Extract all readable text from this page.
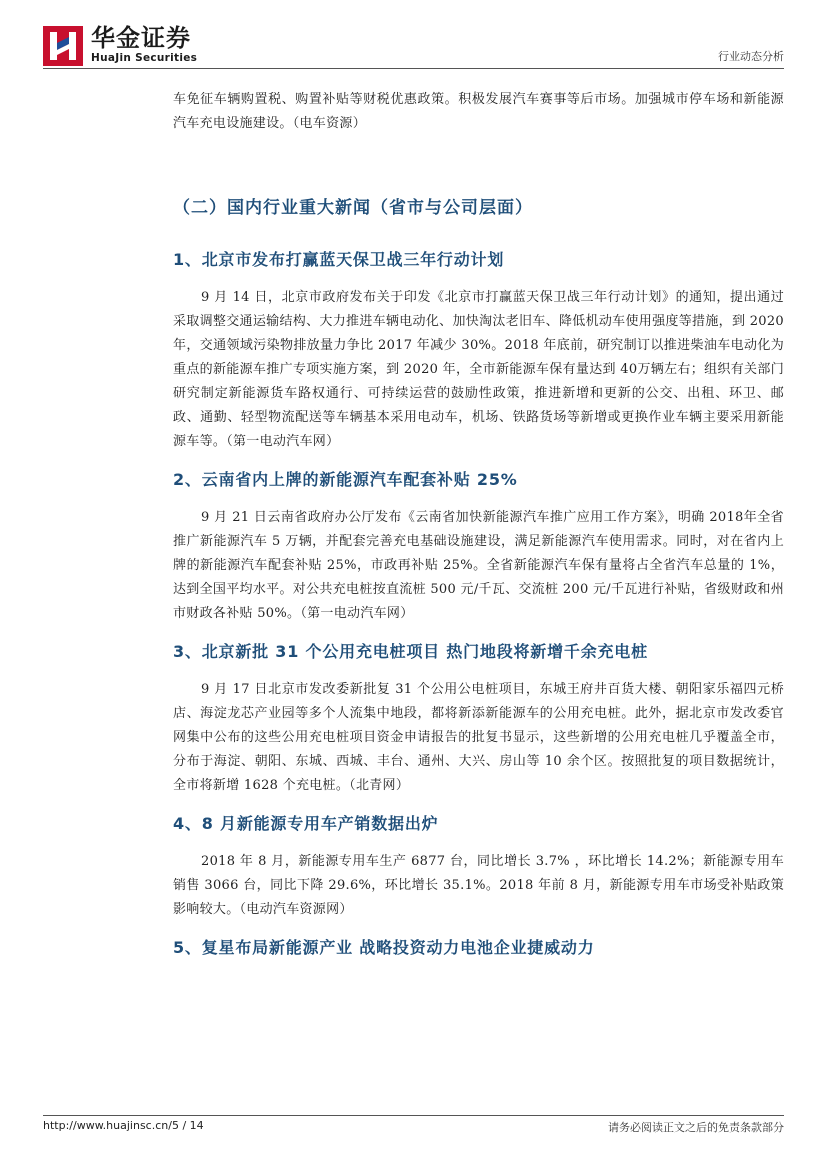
华金证券
HuaJin Securities	行业动态分析

车免征车辆购置税、购置补贴等财税优惠政策。积极发展汽车赛事等后市场。加强城市停车场和新能源汽车充电设施建设。（电车资源）

（二）国内行业重大新闻（省市与公司层面）
1、北京市发布打赢蓝天保卫战三年行动计划

9 月 14 日，北京市政府发布关于印发《北京市打赢蓝天保卫战三年行动计划》的通知，提出通过采取调整交通运输结构、大力推进车辆电动化、加快淘汰老旧车、降低机动车使用强度等措施，到 2020 年，交通领域污染物排放量力争比 2017 年减少 30%。2018 年底前，研究制订以推进柴油车电动化为重点的新能源车推广专项实施方案，到 2020 年，全市新能源车保有量达到 40万辆左右；组织有关部门研究制定新能源货车路权通行、可持续运营的鼓励性政策，推进新增和更新的公交、出租、环卫、邮政、通勤、轻型物流配送等车辆基本采用电动车，机场、铁路货场等新增或更换作业车辆主要采用新能源车等。（第一电动汽车网）

2、云南省内上牌的新能源汽车配套补贴 25%

9 月 21 日云南省政府办公厅发布《云南省加快新能源汽车推广应用工作方案》，明确 2018年全省推广新能源汽车 5 万辆，并配套完善充电基础设施建设，满足新能源汽车使用需求。同时，对在省内上牌的新能源汽车配套补贴 25%，市政再补贴 25%。全省新能源汽车保有量将占全省汽车总量的 1%，达到全国平均水平。对公共充电桩按直流桩 500 元/千瓦、交流桩 200 元/千瓦进行补贴，省级财政和州市财政各补贴 50%。（第一电动汽车网）

3、北京新批 31 个公用充电桩项目 热门地段将新增千余充电桩

9 月 17 日北京市发改委新批复 31 个公用公电桩项目，东城王府井百货大楼、朝阳家乐福四元桥店、海淀龙芯产业园等多个人流集中地段，都将新添新能源车的公用充电桩。此外，据北京市发改委官网集中公布的这些公用充电桩项目资金申请报告的批复书显示，这些新增的公用充电桩几乎覆盖全市，分布于海淀、朝阳、东城、西城、丰台、通州、大兴、房山等 10 余个区。按照批复的项目数据统计，全市将新增 1628 个充电桩。（北青网）

4、8 月新能源专用车产销数据出炉

2018 年 8 月，新能源专用车生产 6877 台，同比增长 3.7% ，环比增长 14.2%；新能源专用车销售 3066 台，同比下降 29.6%，环比增长 35.1%。2018 年前 8 月，新能源专用车市场受补贴政策影响较大。（电动汽车资源网）

5、复星布局新能源产业 战略投资动力电池企业捷威动力
http://www.huajinsc.cn/5 / 14	请务必阅读正文之后的免责条款部分
